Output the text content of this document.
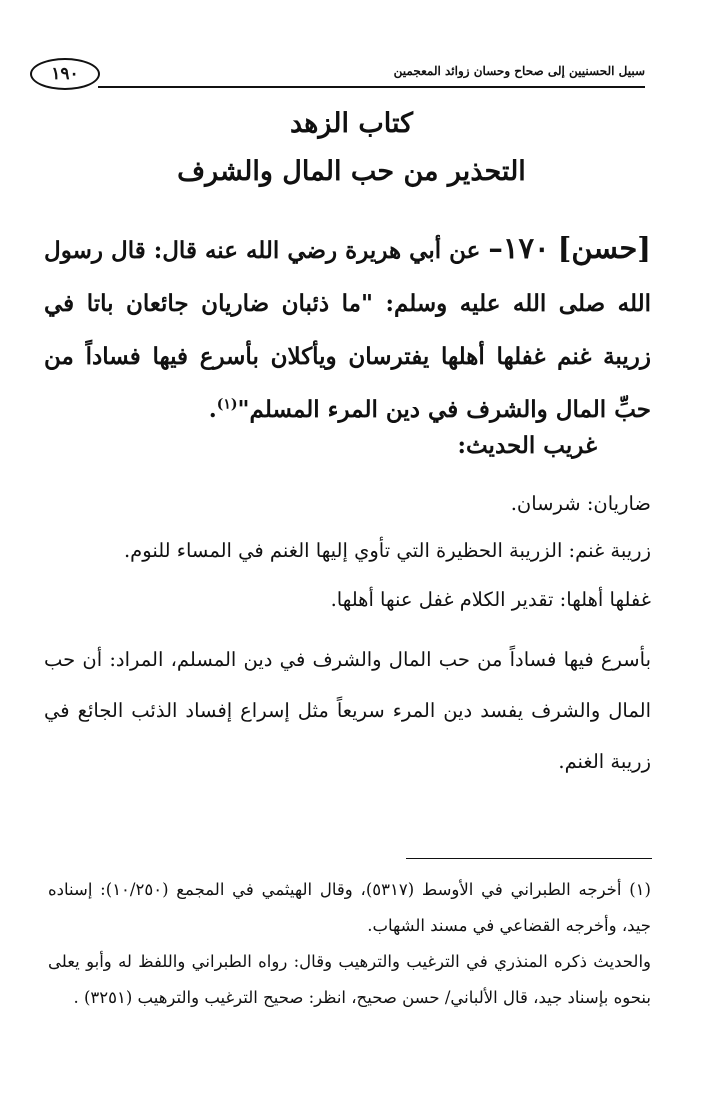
١٩٠	سبيل الحسنيين إلى صحاح وحسان زوائد المعجمين
كتاب الزهد
التحذير من حب المال والشرف
[حسن] ١٧٠– عن أبي هريرة رضي الله عنه قال: قال رسول الله صلى الله عليه وسلم: "ما ذئبان ضاريان جائعان باتا في زريبة غنم غفلها أهلها يفترسان ويأكلان بأسرع فيها فساداً من حبِّ المال والشرف في دين المرء المسلم"$^{(١)}$.
غريب الحديث:
ضاريان: شرسان.
زريبة غنم: الزريبة الحظيرة التي تأوي إليها الغنم في المساء للنوم.
غفلها أهلها: تقدير الكلام غفل عنها أهلها.
بأسرع فيها فساداً من حب المال والشرف في دين المسلم، المراد: أن حب المال والشرف يفسد دين المرء سريعاً مثل إسراع إفساد الذئب الجائع في زريبة الغنم.

(١) أخرجه الطبراني في الأوسط (٥٣١٧)، وقال الهيثمي في المجمع (١٠/٢٥٠): إسناده جيد، وأخرجه القضاعي في مسند الشهاب.

والحديث ذكره المنذري في الترغيب والترهيب وقال: رواه الطبراني واللفظ له وأبو يعلى بنحوه بإسناد جيد، قال الألباني/ حسن صحيح، انظر: صحيح الترغيب والترهيب (٣٢٥١) .
